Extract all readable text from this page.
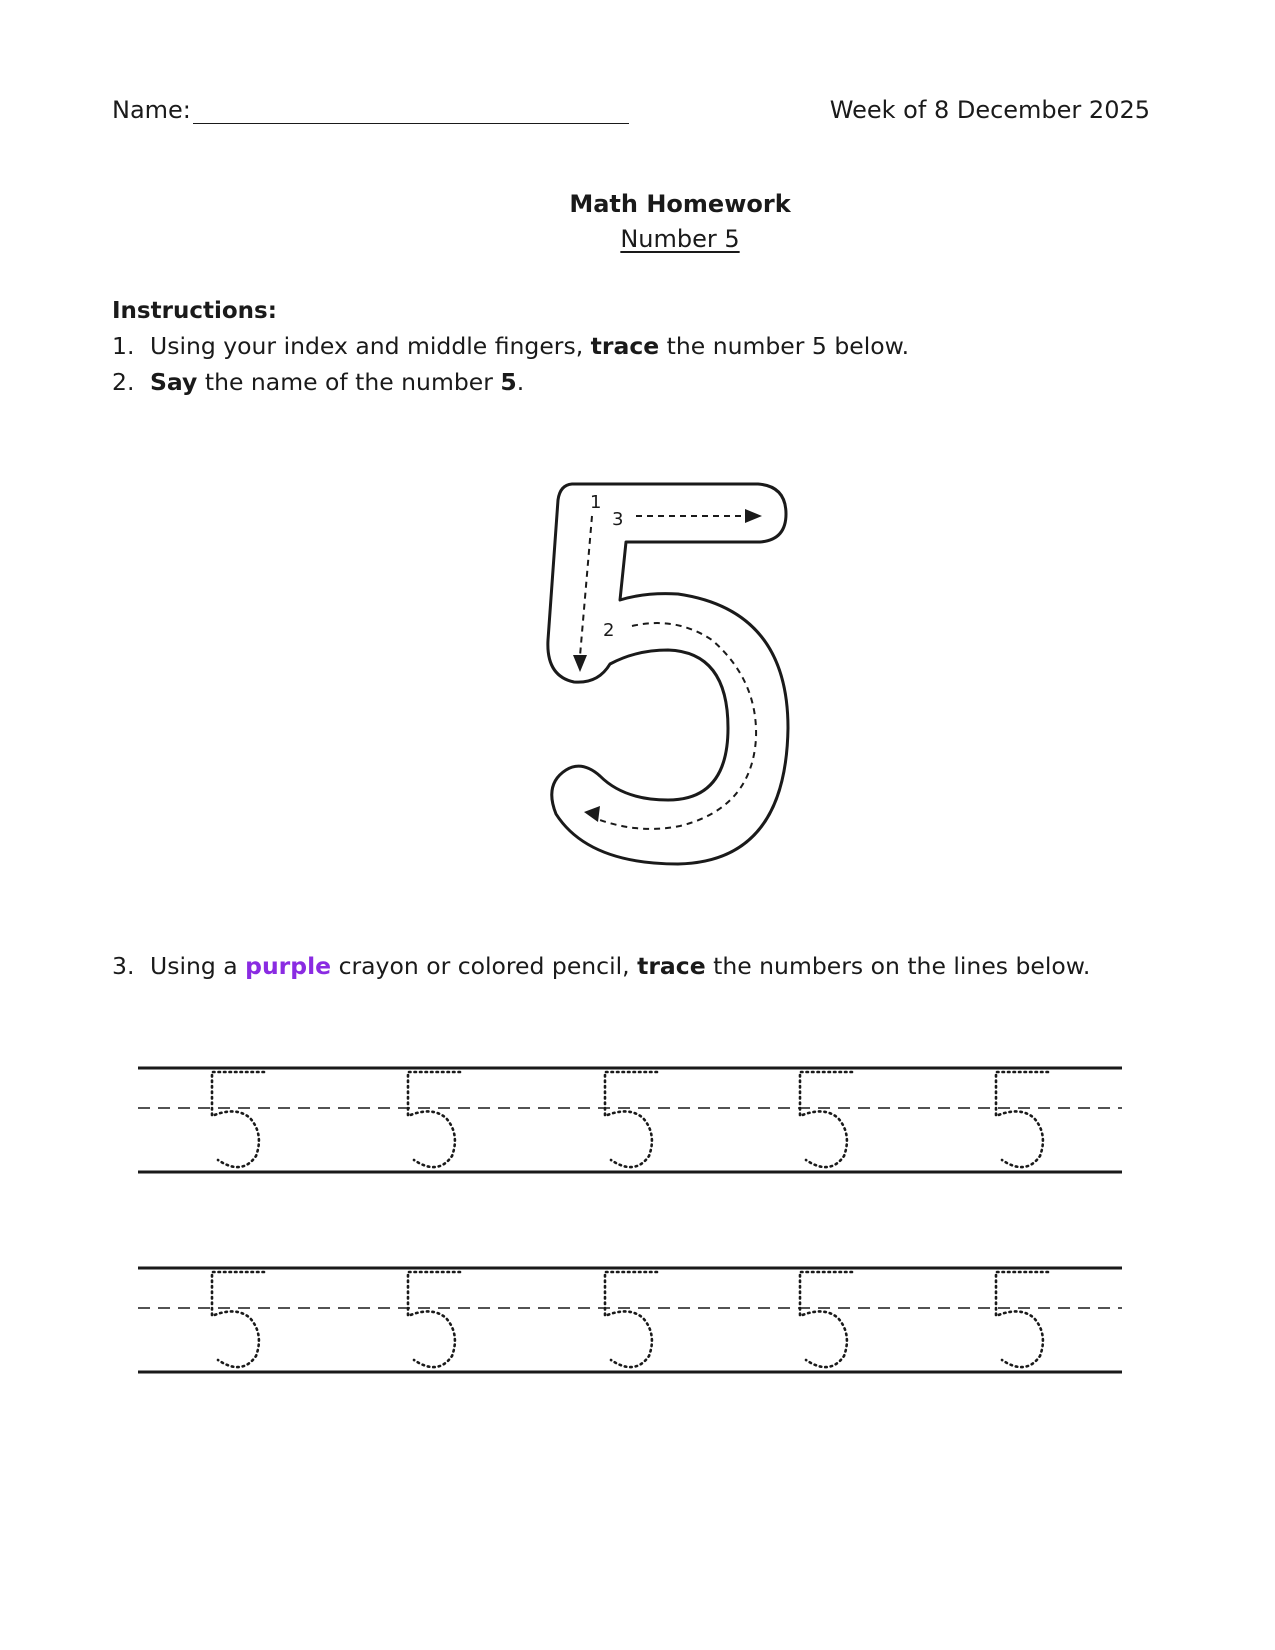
Name:	Week of 8 December 2025
Math Homework
Number 5
Instructions:
1. Using your index and middle fingers, trace the number 5 below.
2. Say the name of the number 5.
1
3
2
3. Using a purple crayon or colored pencil, trace the numbers on the lines below.
